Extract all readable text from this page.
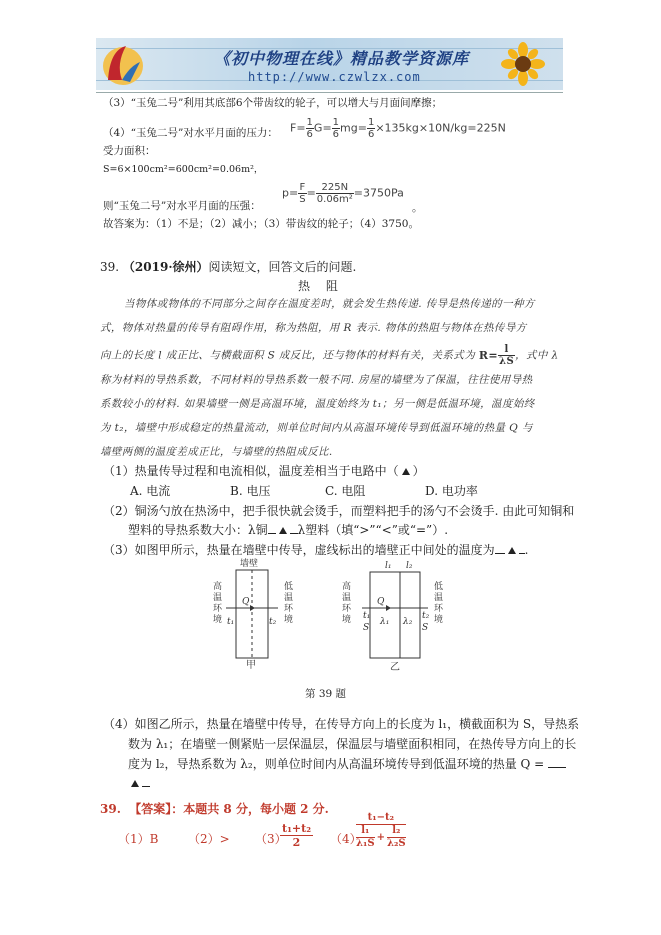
《初中物理在线》精品教学资源库
http://www.czwlzx.com
（3）“玉兔二号”利用其底部6个带齿纹的轮子，可以增大与月面间摩擦；
（4）“玉兔二号”对水平月面的压力： $F= \frac{1}{6} G= \frac{1}{6} mg= \frac{1}{6} \times 135kg\times 10N/kg=225N$
受力面积：
S=6×100cm²=600cm²=0.06m²，
则“玉兔二号”对水平月面的压强：
$p= \frac{F}{S} = \frac{225N}{\text{0.06m²}} =3750Pa$
。
故答案为：（1）不是；（2）减小；（3）带齿纹的轮子；（4）3750。
39. （2019·徐州）阅读短文，回答文后的问题.
热 阻
当物体或物体的不同部分之间存在温度差时，就会发生热传递. 传导是热传递的一种方
式，物体对热量的传导有阻碍作用，称为热阻，用 R 表示. 物体的热阻与物体在热传导方
向上的长度 l 成正比、与横截面积 S 成反比，还与物体的材料有关，关系式为 $R= \frac{l}{\lambda S}$ ，式中 λ
称为材料的导热系数，不同材料的导热系数一般不同. 房屋的墙壁为了保温，往往使用导热
系数较小的材料. 如果墙壁一侧是高温环境，温度始终为 t₁；另一侧是低温环境，温度始终
为 t₂，墙壁中形成稳定的热量流动，则单位时间内从高温环境传导到低温环境的热量 Q 与
墙壁两侧的温度差成正比，与墙壁的热阻成反比.
（1）热量传导过程和电流相似，温度差相当于电路中（ ）
A. 电流	B. 电压	C. 电阻	D. 电功率
（2）铜汤勺放在热汤中，把手很快就会烫手，而塑料把手的汤勺不会烫手. 由此可知铜和
塑料的导热系数大小：λ铜	λ塑料（填“>”“<”或“=”）.
（3）如图甲所示，热量在墙壁中传导，虚线标出的墙壁正中间处的温度为	.
墙壁
Q
t₁	t₂
甲
l₁ l₂
Q
t₁
S
t₂
S
λ₁ λ₂
乙
高温环境
低温环境
高温环境
低温环境
第 39 题
（4）如图乙所示，热量在墙壁中传导，在传导方向上的长度为 l₁，横截面积为 S，导热系
数为 λ₁；在墙壁一侧紧贴一层保温层，保温层与墙壁面积相同，在热传导方向上的长
度为 l₂，导热系数为 λ₂，则单位时间内从高温环境传导到低温环境的热量 Q =
39. 【答案】：本题共 8 分，每小题 2 分.
（1）B （2）> （3）
$\frac{\text{t₁+t₂}}{2} (4)$
$\frac{\text{t₁−t₂}}{\frac{\text{l₁}}{\text{λ₁S}} + \frac{\text{l₂}}{\text{λ₂S}}}$
